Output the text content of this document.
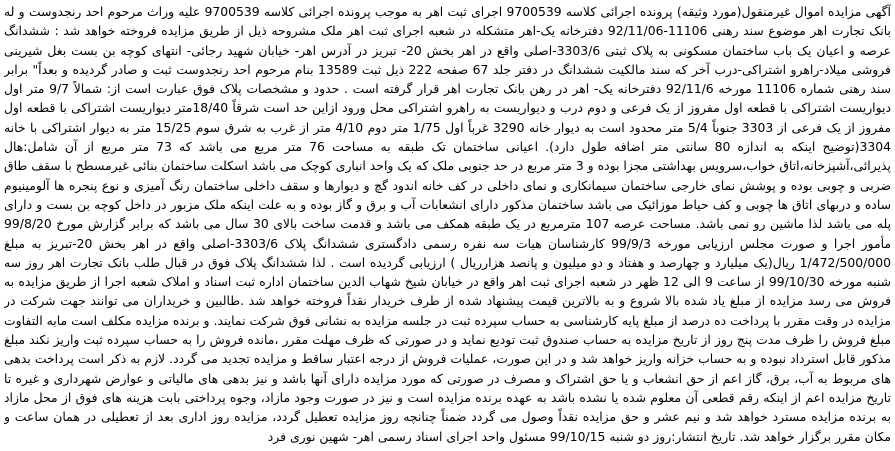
آگهی مزایده اموال غیرمنقول(مورد وثیقه) پرونده اجرائی کلاسه 9700539 اجرای ثبت اهر به موجب پرونده اجرائی کلاسه 9700539 علیه وراث مرحوم احد رنجدوست و له بانک تجارت اهر موضوع سند رهنی 11106-92/11/06 دفترخانه یک-اهر متشکله در شعبه اجرای ثبت اهر ملک مشروحه ذیل از طریق مزایده فروخته خواهد شد : ششدانگ عرصه و اعیان یک باب ساختمان مسکونی به پلاک ثبتی 3303/6-اصلی واقع در اهر بخش 20- تبریز در آدرس اهر- خیابان شهید رجائی- انتهای کوچه بن بست بغل شیرینی فروشی میلاد-راهرو اشتراکی-درب آخر که سند مالکیت ششدانگ در دفتر جلد 67 صفحه 222 ذیل ثبت 13589 بنام مرحوم احد رنجدوست ثبت و صادر گردیده و بعداً" برابر سند رهنی شماره 11106 مورخه 92/11/6 دفترخانه یک- اهر در رهن بانک تجارت اهر قرار گرفته است . حدود و مشخصات پلاک فوق عبارت است از: شمالاً 9/7 متر اول دیواریست اشتراکی با قطعه اول مفروز از یک فرعی و دوم درب و دیواریست به راهرو اشتراکی محل ورود ازاین حد است شرقاً 18/40متر دیواریست اشتراکی با قطعه اول مفروز از یک فرعی از 3303 جنوباً 5/4 متر محدود است به دیوار خانه 3290 غرباً اول 1/75 متر دوم 4/10 متر از غرب به شرق سوم 15/25 متر به دیوار اشتراکی با خانه 3304(توضیح اینکه به اندازه 80 سانتی متر اضافه طول دارد). اعیانی ساختمان تک طبقه به مساحت 76 متر مربع می باشد که 73 متر مربع از آن شامل:هال پذیرائی،آشپزخانه،اتاق خواب،سرویس بهداشتی مجزا بوده و 3 متر مربع در حد جنوبی ملک که یک واحد انباری کوچک می باشد اسکلت ساختمان بنائی غیرمسطح با سقف طاق ضربی و چوبی بوده و پوشش نمای خارجی ساختمان سیمانکاری و نمای داخلی در کف خانه اندود گچ و دیوارها و سقف داخلی ساختمان رنگ آمیزی و نوع پنجره ها آلومینیوم ساده و دربهای اتاق ها چوبی و کف حیاط موزائیک می باشد ساختمان مذکور دارای انشعابات آب و برق و گاز بوده و به علت اینکه ملک مزبور در داخل کوچه بن بست و دارای پله می باشد لذا ماشین رو نمی باشد. مساحت عرصه 107 مترمربع در یک طبقه همکف می باشد و قدمت ساخت بالای 30 سال می باشد که برابر گزارش مورخ 99/8/20 مأمور اجرا و صورت مجلس ارزیابی مورخه 99/9/3 کارشناسان هیات سه نفره رسمی دادگستری ششدانگ پلاک 3303/6-اصلی واقع در اهر بخش 20-تبریز به مبلغ 1/472/500/000 ریال(یک میلیارد و چهارصد و هفتاد و دو میلیون و پانصد هزارریال ) ارزیابی گردیده است . لذا ششدانگ پلاک فوق در قبال طلب بانک تجارت اهر روز سه شنبه مورخه 99/10/30 از ساعت 9 الی 12 ظهر در شعبه اجرای ثبت اهر واقع در خیابان شیخ شهاب الدین ساختمان اداره ثبت اسناد و املاک شعبه اجرا از طریق مزایده به فروش می رسد مزایده از مبلغ یاد شده بالا شروع و به بالاترین قیمت پیشنهاد شده از طرف خریدار نقداً فروخته خواهد شد .طالبین و خریداران می توانند جهت شرکت در مزایده در وقت مقرر با پرداخت ده درصد از مبلغ پایه کارشناسی به حساب سپرده ثبت در جلسه مزایده به نشانی فوق شرکت نمایند. و برنده مزایده مکلف است مابه التفاوت مبلغ فروش را ظرف مدت پنج روز از تاریخ مزایده به حساب صندوق ثبت تودیع نماید و در صورتی که ظرف مهلت مقرر ،مانده فروش را به حساب سپرده ثبت واریز نکند مبلغ مذکور قابل استرداد نبوده و به حساب خزانه واریز خواهد شد و در این صورت، عملیات فروش از درجه اعتبار ساقط و مزایده تجدید می گردد. لازم به ذکر است پرداخت بدهی های مربوط به آب، برق، گاز اعم از حق انشعاب و یا حق اشتراک و مصرف در صورتی که مورد مزایده دارای آنها باشد و نیز بدهی های مالیاتی و عوارض شهرداری و غیره تا تاریخ مزایده اعم از اینکه رقم قطعی آن معلوم شده یا نشده باشد به عهده برنده مزایده است و نیز در صورت وجود مازاد، وجوه پرداختی بابت هزینه های فوق از محل مازاد به برنده مزایده مسترد خواهد شد و نیم عشر و حق مزایده نقداً وصول می گردد ضمناً چنانچه روز مزایده تعطیل گردد، مزایده روز اداری بعد از تعطیلی در همان ساعت و مکان مقرر برگزار خواهد شد. تاریخ انتشار:روز دو شنبه 99/10/15 مسئول واحد اجرای اسناد رسمی اهر- شهین نوری فرد
